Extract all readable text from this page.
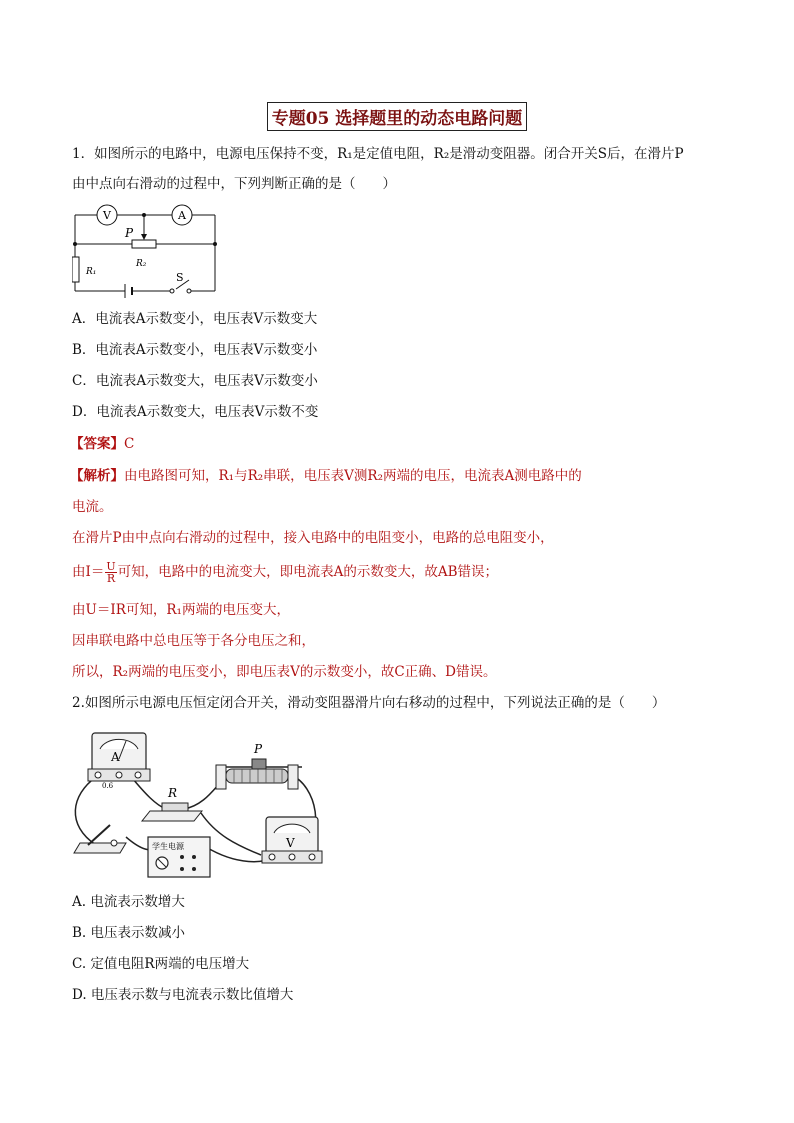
专题05 选择题里的动态电路问题
1．如图所示的电路中，电源电压保持不变，R₁是定值电阻，R₂是滑动变阻器。闭合开关S后，在滑片P
由中点向右滑动的过程中，下列判断正确的是（　　）
V	A
P
R₂
R₁	S
A．电流表A示数变小，电压表V示数变大
B．电流表A示数变小，电压表V示数变小
C．电流表A示数变大，电压表V示数变小
D．电流表A示数变大，电压表V示数不变
【答案】C
【解析】由电路图可知，R₁与R₂串联，电压表V测R₂两端的电压，电流表A测电路中的
电流。
在滑片P由中点向右滑动的过程中，接入电路中的电阻变小，电路的总电阻变小，
由$I= \frac{U}{R}$ 可知，电路中的电流变大，即电流表A的示数变大，故AB错误；
由U＝IR可知，R₁两端的电压变大，
因串联电路中总电压等于各分电压之和，
所以，R₂两端的电压变小，即电压表V的示数变小，故C正确、D错误。
2.如图所示电源电压恒定闭合开关，滑动变阻器滑片向右移动的过程中，下列说法正确的是（　　）
A
0.6	R
P
V
学生电源
A. 电流表示数增大
B. 电压表示数减小
C. 定值电阻R两端的电压增大
D. 电压表示数与电流表示数比值增大
